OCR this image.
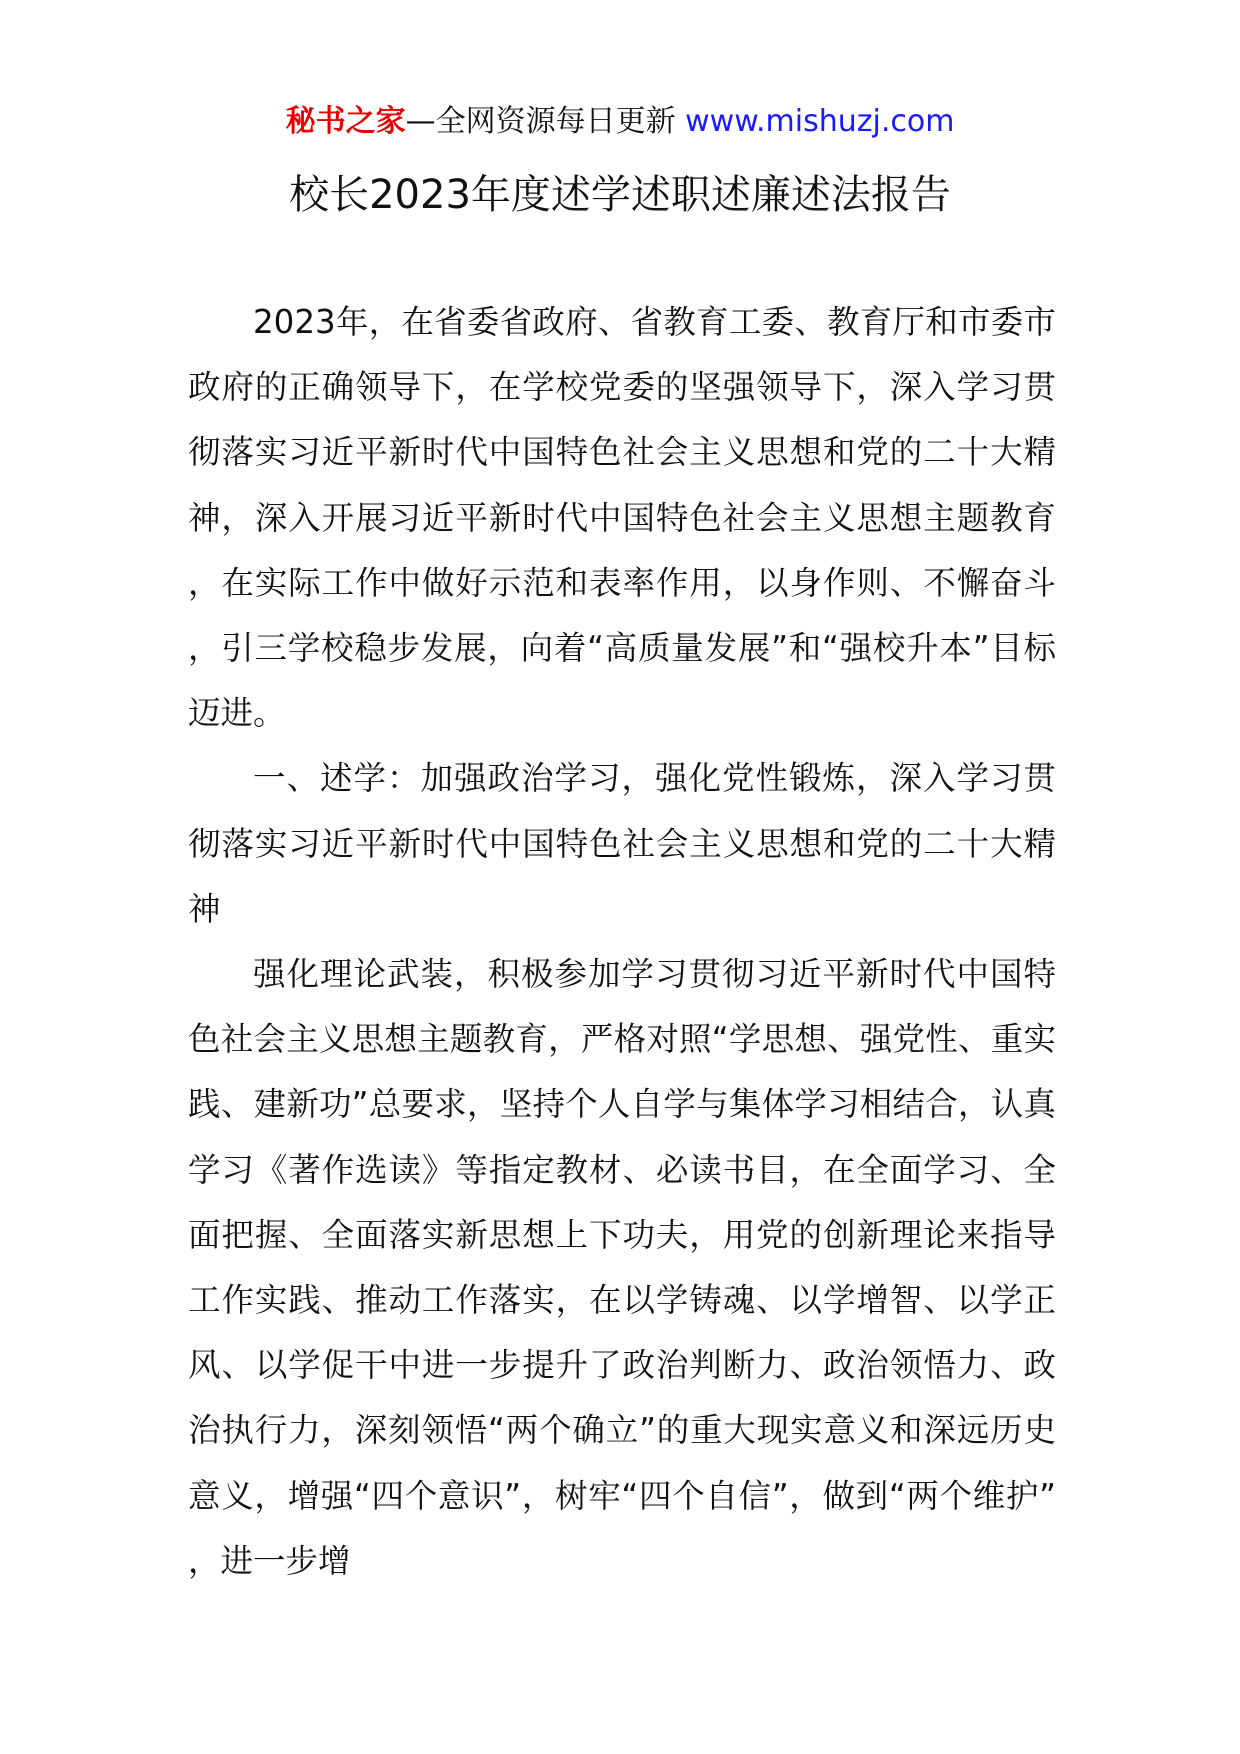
秘书之家—全网资源每日更新 www.mishuzj.com
校长2023年度述学述职述廉述法报告

2023年，在省委省政府、省教育工委、教育厅和市委市政府的正确领导下，在学校党委的坚强领导下，深入学习贯彻落实习近平新时代中国特色社会主义思想和党的二十大精神，深入开展习近平新时代中国特色社会主义思想主题教育，在实际工作中做好示范和表率作用，以身作则、不懈奋斗，引三学校稳步发展，向着“高质量发展”和“强校升本”目标迈进。

一、述学：加强政治学习，强化党性锻炼，深入学习贯彻落实习近平新时代中国特色社会主义思想和党的二十大精神

强化理论武装，积极参加学习贯彻习近平新时代中国特色社会主义思想主题教育，严格对照“学思想、强党性、重实践、建新功”总要求，坚持个人自学与集体学习相结合，认真学习《著作选读》等指定教材、必读书目，在全面学习、全面把握、全面落实新思想上下功夫，用党的创新理论来指导工作实践、推动工作落实，在以学铸魂、以学增智、以学正风、以学促干中进一步提升了政治判断力、政治领悟力、政治执行力，深刻领悟“两个确立”的重大现实意义和深远历史意义，增强“四个意识”，树牢“四个自信”，做到“两个维护”，进一步增
